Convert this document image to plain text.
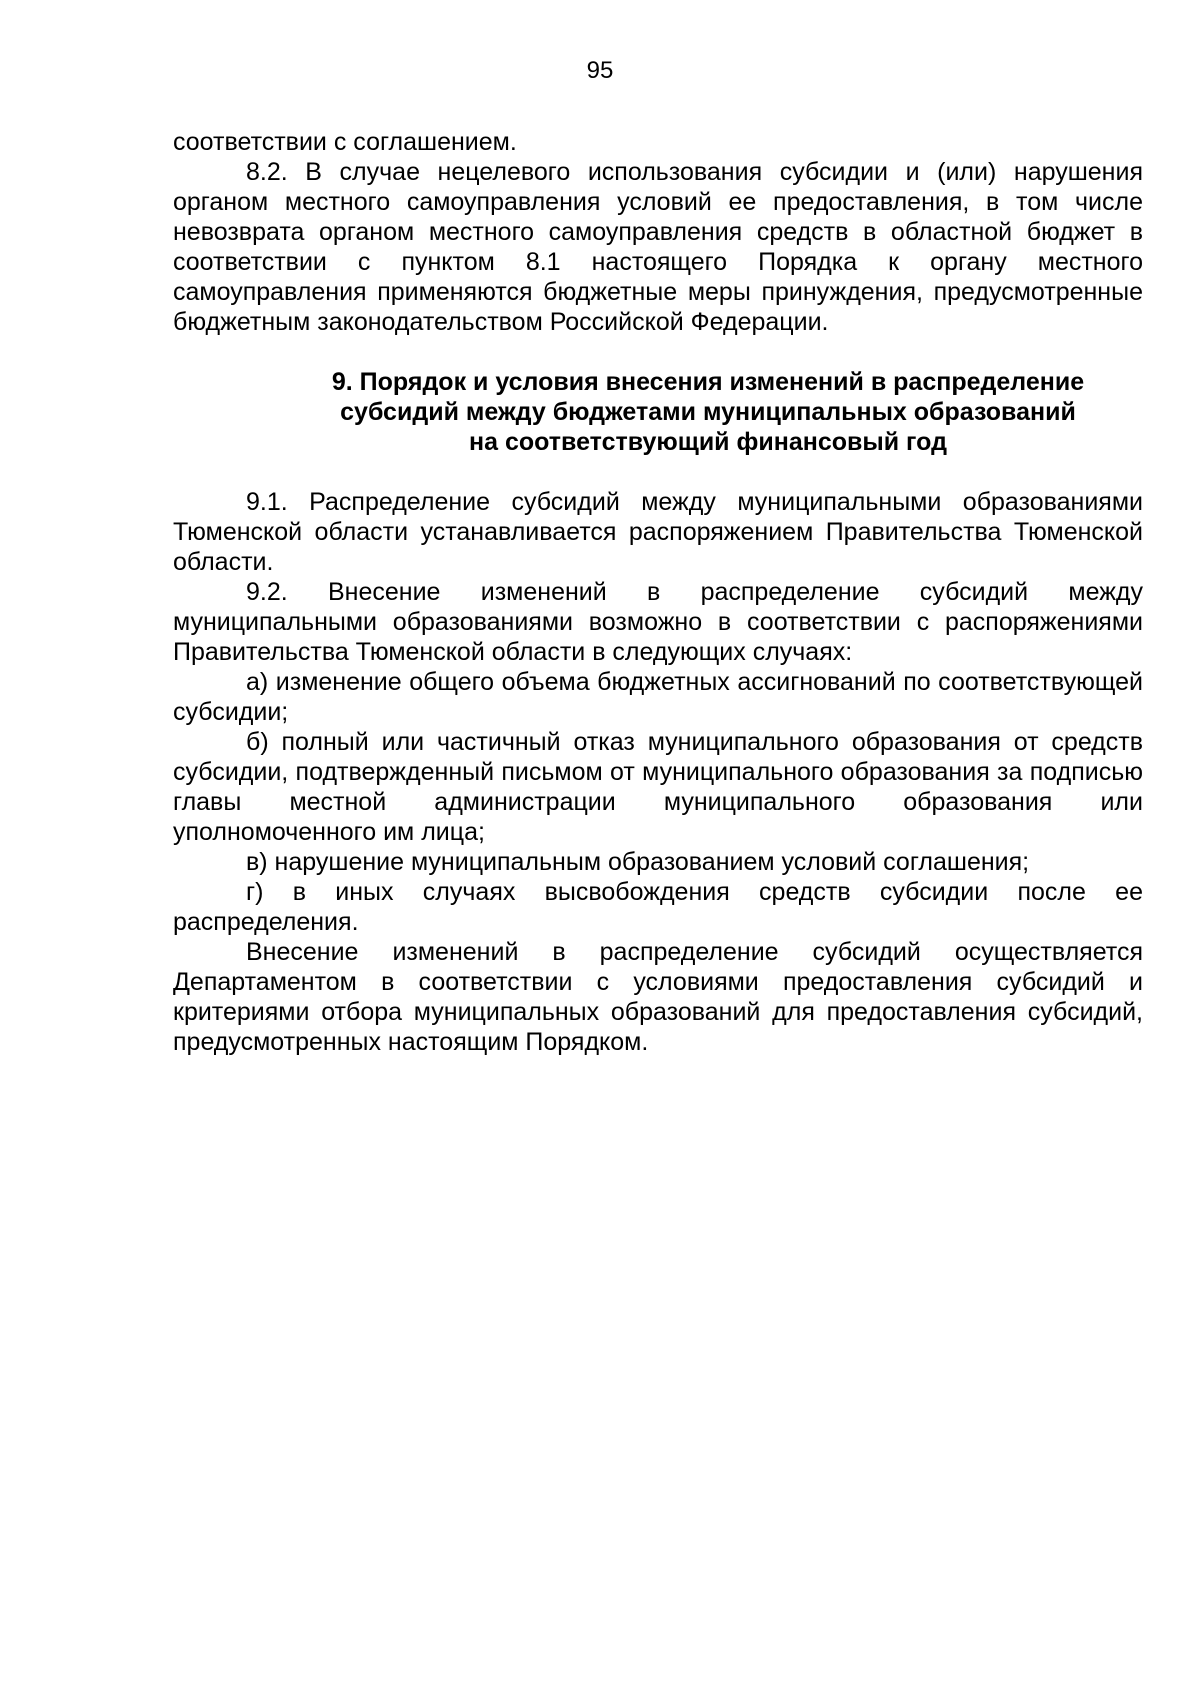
95

соответствии с соглашением.

8.2. В случае нецелевого использования субсидии и (или) нарушения органом местного самоуправления условий ее предоставления, в том числе невозврата органом местного самоуправления средств в областной бюджет в соответствии с пунктом 8.1 настоящего Порядка к органу местного самоуправления применяются бюджетные меры принуждения, предусмотренные бюджетным законодательством Российской Федерации.

9. Порядок и условия внесения изменений в распределение
субсидий между бюджетами муниципальных образований
на соответствующий финансовый год

9.1. Распределение субсидий между муниципальными образованиями Тюменской области устанавливается распоряжением Правительства Тюменской области.

9.2. Внесение изменений в распределение субсидий между муниципальными образованиями возможно в соответствии с распоряжениями Правительства Тюменской области в следующих случаях:

а) изменение общего объема бюджетных ассигнований по соответствующей субсидии;

б) полный или частичный отказ муниципального образования от средств субсидии, подтвержденный письмом от муниципального образования за подписью главы местной администрации муниципального образования или уполномоченного им лица;

в) нарушение муниципальным образованием условий соглашения;

г) в иных случаях высвобождения средств субсидии после ее распределения.

Внесение изменений в распределение субсидий осуществляется Департаментом в соответствии с условиями предоставления субсидий и критериями отбора муниципальных образований для предоставления субсидий, предусмотренных настоящим Порядком.
